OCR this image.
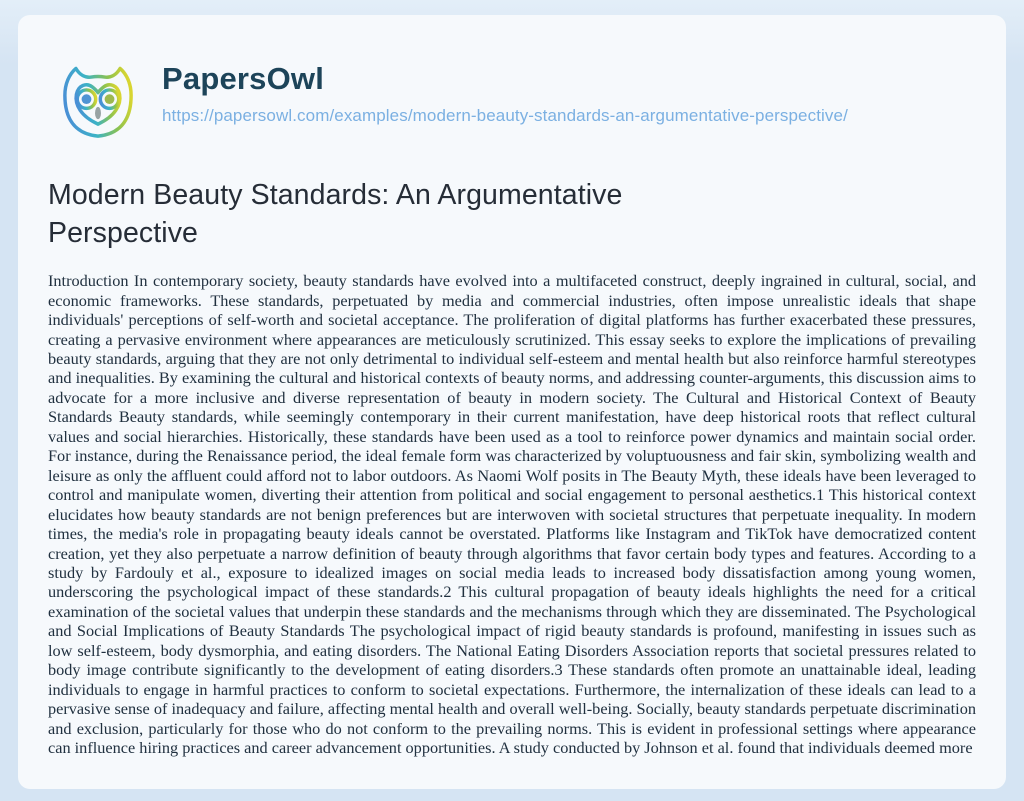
PapersOwl
https://papersowl.com/examples/modern-beauty-standards-an-argumentative-perspective/
Modern Beauty Standards: An Argumentative Perspective

Introduction In contemporary society, beauty standards have evolved into a multifaceted construct, deeply ingrained in cultural, social, and economic frameworks. These standards, perpetuated by media and commercial industries, often impose unrealistic ideals that shape individuals' perceptions of self-worth and societal acceptance. The proliferation of digital platforms has further exacerbated these pressures, creating a pervasive environment where appearances are meticulously scrutinized. This essay seeks to explore the implications of prevailing beauty standards, arguing that they are not only detrimental to individual self-esteem and mental health but also reinforce harmful stereotypes and inequalities. By examining the cultural and historical contexts of beauty norms, and addressing counter-arguments, this discussion aims to advocate for a more inclusive and diverse representation of beauty in modern society. The Cultural and Historical Context of Beauty Standards Beauty standards, while seemingly contemporary in their current manifestation, have deep historical roots that reflect cultural values and social hierarchies. Historically, these standards have been used as a tool to reinforce power dynamics and maintain social order. For instance, during the Renaissance period, the ideal female form was characterized by voluptuousness and fair skin, symbolizing wealth and leisure as only the affluent could afford not to labor outdoors. As Naomi Wolf posits in The Beauty Myth, these ideals have been leveraged to control and manipulate women, diverting their attention from political and social engagement to personal aesthetics.1 This historical context elucidates how beauty standards are not benign preferences but are interwoven with societal structures that perpetuate inequality. In modern times, the media's role in propagating beauty ideals cannot be overstated. Platforms like Instagram and TikTok have democratized content creation, yet they also perpetuate a narrow definition of beauty through algorithms that favor certain body types and features. According to a study by Fardouly et al., exposure to idealized images on social media leads to increased body dissatisfaction among young women, underscoring the psychological impact of these standards.2 This cultural propagation of beauty ideals highlights the need for a critical examination of the societal values that underpin these standards and the mechanisms through which they are disseminated. The Psychological and Social Implications of Beauty Standards The psychological impact of rigid beauty standards is profound, manifesting in issues such as low self-esteem, body dysmorphia, and eating disorders. The National Eating Disorders Association reports that societal pressures related to body image contribute significantly to the development of eating disorders.3 These standards often promote an unattainable ideal, leading individuals to engage in harmful practices to conform to societal expectations. Furthermore, the internalization of these ideals can lead to a pervasive sense of inadequacy and failure, affecting mental health and overall well-being. Socially, beauty standards perpetuate discrimination and exclusion, particularly for those who do not conform to the prevailing norms. This is evident in professional settings where appearance can influence hiring practices and career advancement opportunities. A study conducted by Johnson et al. found that individuals deemed more
